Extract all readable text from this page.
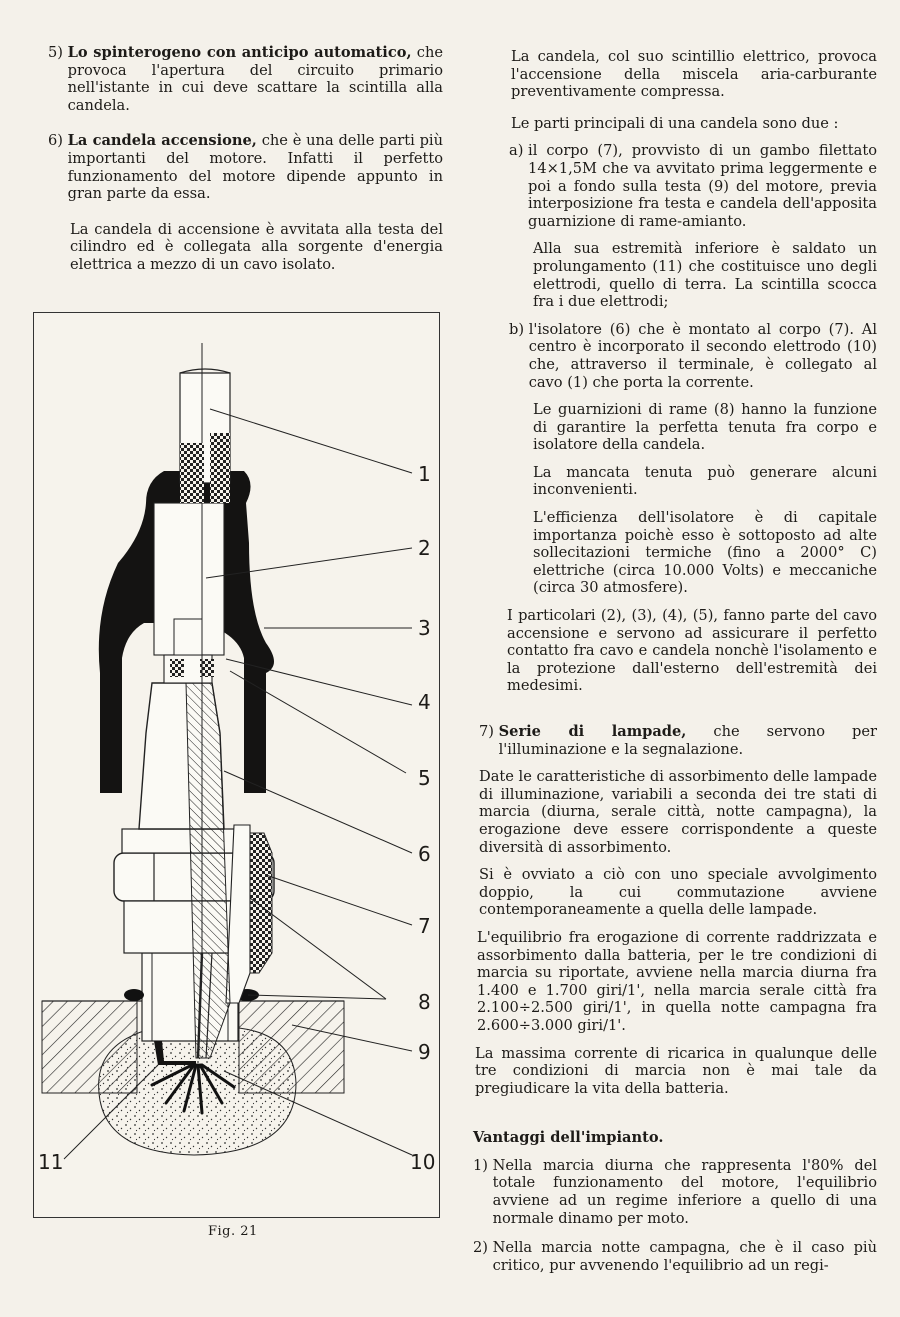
5)
Lo spinterogeno con anticipo automatico, che provoca l'apertura del circuito primario nell'istante in cui deve scattare la scintilla alla candela.
6)
La candela accensione, che è una delle parti più importanti del motore. Infatti il perfetto funzionamento del motore dipende appunto in gran parte da essa.

La candela di accensione è avvitata alla testa del cilindro ed è collegata alla sorgente d'energia elettrica a mezzo di un cavo isolato.

1
2
3
4
5
6
7
8
9
10
11
Fig. 21

La candela, col suo scintillio elettrico, provoca l'accensione della miscela aria-carburante preventivamente compressa.

Le parti principali di una candela sono due :

a)
il corpo (7), provvisto di un gambo filettato 14×1,5M che va avvitato prima leggermente e poi a fondo sulla testa (9) del motore, previa interposizione fra testa e candela dell'apposita guarnizione di rame-amianto.

Alla sua estremità inferiore è saldato un prolungamento (11) che costituisce uno degli elettrodi, quello di terra. La scintilla scocca fra i due elettrodi;

b)
l'isolatore (6) che è montato al corpo (7). Al centro è incorporato il secondo elettrodo (10) che, attraverso il terminale, è collegato al cavo (1) che porta la corrente.

Le guarnizioni di rame (8) hanno la funzione di garantire la perfetta tenuta fra corpo e isolatore della candela.

La mancata tenuta può generare alcuni inconvenienti.

L'efficienza dell'isolatore è di capitale importanza poichè esso è sottoposto ad alte sollecitazioni termiche (fino a 2000° C) elettriche (circa 10.000 Volts) e meccaniche (circa 30 atmosfere).

I particolari (2), (3), (4), (5), fanno parte del cavo accensione e servono ad assicurare il perfetto contatto fra cavo e candela nonchè l'isolamento e la protezione dall'esterno dell'estremità dei medesimi.

7)
Serie di lampade, che servono per l'illuminazione e la segnalazione.

Date le caratteristiche di assorbimento delle lampade di illuminazione, variabili a seconda dei tre stati di marcia (diurna, serale città, notte campagna), la erogazione deve essere corrispondente a queste diversità di assorbimento.

Si è ovviato a ciò con uno speciale avvolgimento doppio, la cui commutazione avviene contemporaneamente a quella delle lampade.

L'equilibrio fra erogazione di corrente raddrizzata e assorbimento dalla batteria, per le tre condizioni di marcia su riportate, avviene nella marcia diurna fra 1.400 e 1.700 giri/1', nella marcia serale città fra 2.100÷2.500 giri/1', in quella notte campagna fra 2.600÷3.000 giri/1'.

La massima corrente di ricarica in qualunque delle tre condizioni di marcia non è mai tale da pregiudicare la vita della batteria.

Vantaggi dell'impianto.

1)
Nella marcia diurna che rappresenta l'80% del totale funzionamento del motore, l'equilibrio avviene ad un regime inferiore a quello di una normale dinamo per moto.
2)
Nella marcia notte campagna, che è il caso più critico, pur avvenendo l'equilibrio ad un regi-
